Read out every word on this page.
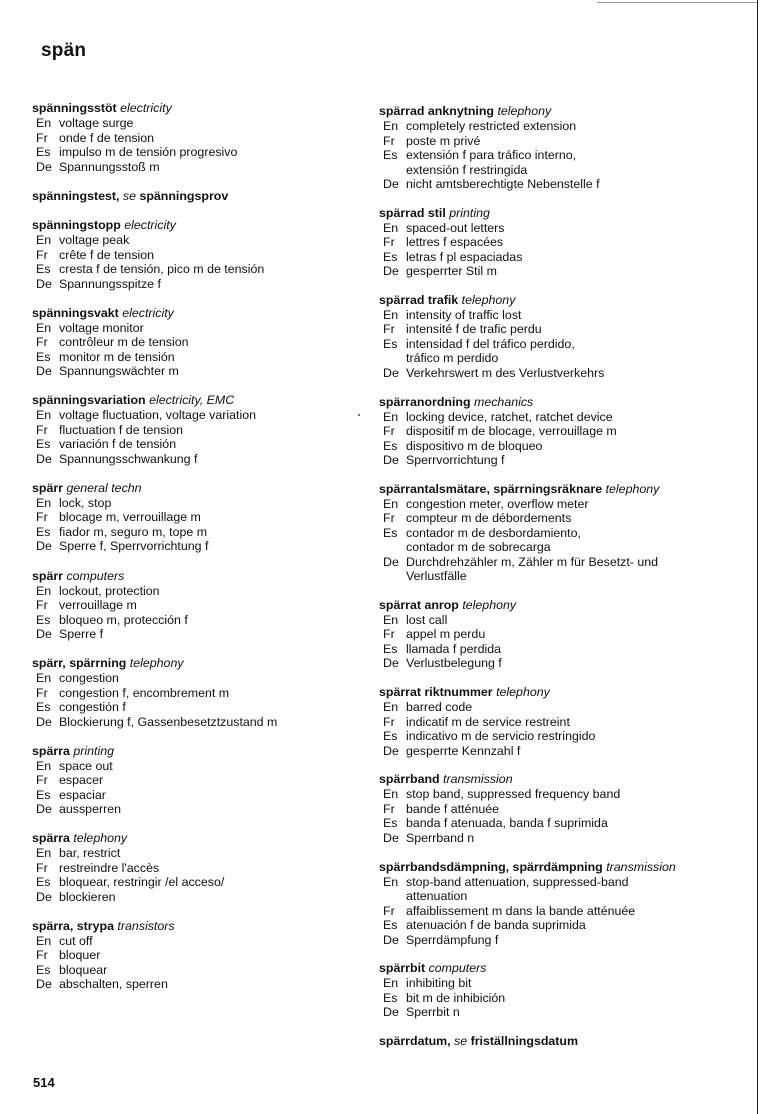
spän
spänningsstöt electricity
En voltage surge
Fr onde f de tension
Es impulso m de tensión progresivo
De Spannungsstoß m
spänningstest, se spänningsprov
spänningstopp electricity
En voltage peak
Fr crête f de tension
Es cresta f de tensión, pico m de tensión
De Spannungsspitze f
spänningsvakt electricity
En voltage monitor
Fr contrôleur m de tension
Es monitor m de tensión
De Spannungswächter m
spänningsvariation electricity, EMC
En voltage fluctuation, voltage variation
Fr fluctuation f de tension
Es variación f de tensión
De Spannungsschwankung f
spärr general techn
En lock, stop
Fr blocage m, verrouillage m
Es fiador m, seguro m, tope m
De Sperre f, Sperrvorrichtung f
spärr computers
En lockout, protection
Fr verrouillage m
Es bloqueo m, protección f
De Sperre f
spärr, spärrning telephony
En congestion
Fr congestion f, encombrement m
Es congestión f
De Blockierung f, Gassenbesetztzustand m
spärra printing
En space out
Fr espacer
Es espaciar
De aussperren
spärra telephony
En bar, restrict
Fr restreindre l'accès
Es bloquear, restringir /el acceso/
De blockieren
spärra, strypa transistors
En cut off
Fr bloquer
Es bloquear
De abschalten, sperren
spärrad anknytning telephony
En completely restricted extension
Fr poste m privé
Es extensión f para tráfico interno,
extensión f restringida
De nicht amtsberechtigte Nebenstelle f
spärrad stil printing
En spaced-out letters
Fr lettres f espacées
Es letras f pl espaciadas
De gesperrter Stil m
spärrad trafik telephony
En intensity of traffic lost
Fr intensité f de trafic perdu
Es intensidad f del tráfico perdido,
tráfico m perdido
De Verkehrswert m des Verlustverkehrs
spärranordning mechanics
En locking device, ratchet, ratchet device
Fr dispositif m de blocage, verrouillage m
Es dispositivo m de bloqueo
De Sperrvorrichtung f
spärrantalsmätare, spärrningsräknare telephony
En congestion meter, overflow meter
Fr compteur m de débordements
Es contador m de desbordamiento,
contador m de sobrecarga
De Durchdrehzähler m, Zähler m für Besetzt- und
Verlustfälle
spärrat anrop telephony
En lost call
Fr appel m perdu
Es llamada f perdida
De Verlustbelegung f
spärrat riktnummer telephony
En barred code
Fr indicatif m de service restreint
Es indicativo m de servicio restringido
De gesperrte Kennzahl f
spärrband transmission
En stop band, suppressed frequency band
Fr bande f atténuée
Es banda f atenuada, banda f suprimida
De Sperrband n
spärrbandsdämpning, spärrdämpning transmission
En stop-band attenuation, suppressed-band
attenuation
Fr affaiblissement m dans la bande atténuée
Es atenuación f de banda suprimida
De Sperrdämpfung f
spärrbit computers
En inhibiting bit
Es bit m de inhibición
De Sperrbit n
spärrdatum, se friställningsdatum
514
